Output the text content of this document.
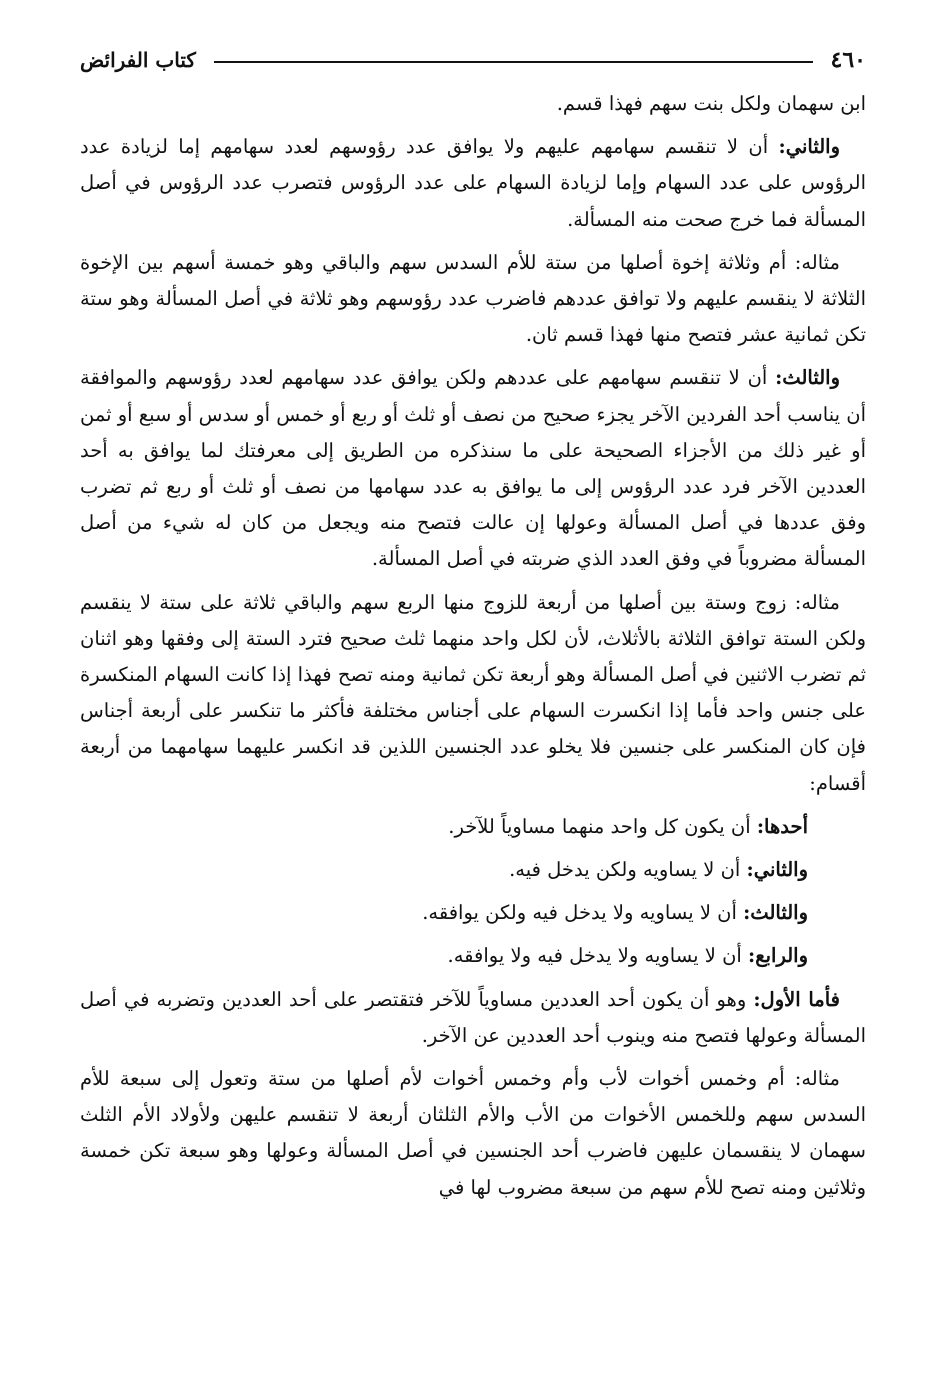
٤٦٠
كتاب الفرائض

ابن سهمان ولكل بنت سهم فهذا قسم.

والثاني: أن لا تنقسم سهامهم عليهم ولا يوافق عدد رؤوسهم لعدد سهامهم إما لزيادة عدد الرؤوس على عدد السهام وإما لزيادة السهام على عدد الرؤوس فتصرب عدد الرؤوس في أصل المسألة فما خرج صحت منه المسألة.

مثاله: أم وثلاثة إخوة أصلها من ستة للأم السدس سهم والباقي وهو خمسة أسهم بين الإخوة الثلاثة لا ينقسم عليهم ولا توافق عددهم فاضرب عدد رؤوسهم وهو ثلاثة في أصل المسألة وهو ستة تكن ثمانية عشر فتصح منها فهذا قسم ثان.

والثالث: أن لا تنقسم سهامهم على عددهم ولكن يوافق عدد سهامهم لعدد رؤوسهم والموافقة أن يناسب أحد الفردين الآخر يجزء صحيح من نصف أو ثلث أو ربع أو خمس أو سدس أو سبع أو ثمن أو غير ذلك من الأجزاء الصحيحة على ما سنذكره من الطريق إلى معرفتك لما يوافق به أحد العددين الآخر فرد عدد الرؤوس إلى ما يوافق به عدد سهامها من نصف أو ثلث أو ربع ثم تضرب وفق عددها في أصل المسألة وعولها إن عالت فتصح منه ويجعل من كان له شيء من أصل المسألة مضروباً في وفق العدد الذي ضربته في أصل المسألة.

مثاله: زوج وستة بين أصلها من أربعة للزوج منها الربع سهم والباقي ثلاثة على ستة لا ينقسم ولكن الستة توافق الثلاثة بالأثلاث، لأن لكل واحد منهما ثلث صحيح فترد الستة إلى وفقها وهو اثنان ثم تضرب الاثنين في أصل المسألة وهو أربعة تكن ثمانية ومنه تصح فهذا إذا كانت السهام المنكسرة على جنس واحد فأما إذا انكسرت السهام على أجناس مختلفة فأكثر ما تنكسر على أربعة أجناس فإن كان المنكسر على جنسين فلا يخلو عدد الجنسين اللذين قد انكسر عليهما سهامهما من أربعة أقسام:

أحدها: أن يكون كل واحد منهما مساوياً للآخر.

والثاني: أن لا يساويه ولكن يدخل فيه.

والثالث: أن لا يساويه ولا يدخل فيه ولكن يوافقه.

والرابع: أن لا يساويه ولا يدخل فيه ولا يوافقه.

فأما الأول: وهو أن يكون أحد العددين مساوياً للآخر فتقتصر على أحد العددين وتضربه في أصل المسألة وعولها فتصح منه وينوب أحد العددين عن الآخر.

مثاله: أم وخمس أخوات لأب وأم وخمس أخوات لأم أصلها من ستة وتعول إلى سبعة للأم السدس سهم وللخمس الأخوات من الأب والأم الثلثان أربعة لا تنقسم عليهن ولأولاد الأم الثلث سهمان لا ينقسمان عليهن فاضرب أحد الجنسين في أصل المسألة وعولها وهو سبعة تكن خمسة وثلاثين ومنه تصح للأم سهم من سبعة مضروب لها في
